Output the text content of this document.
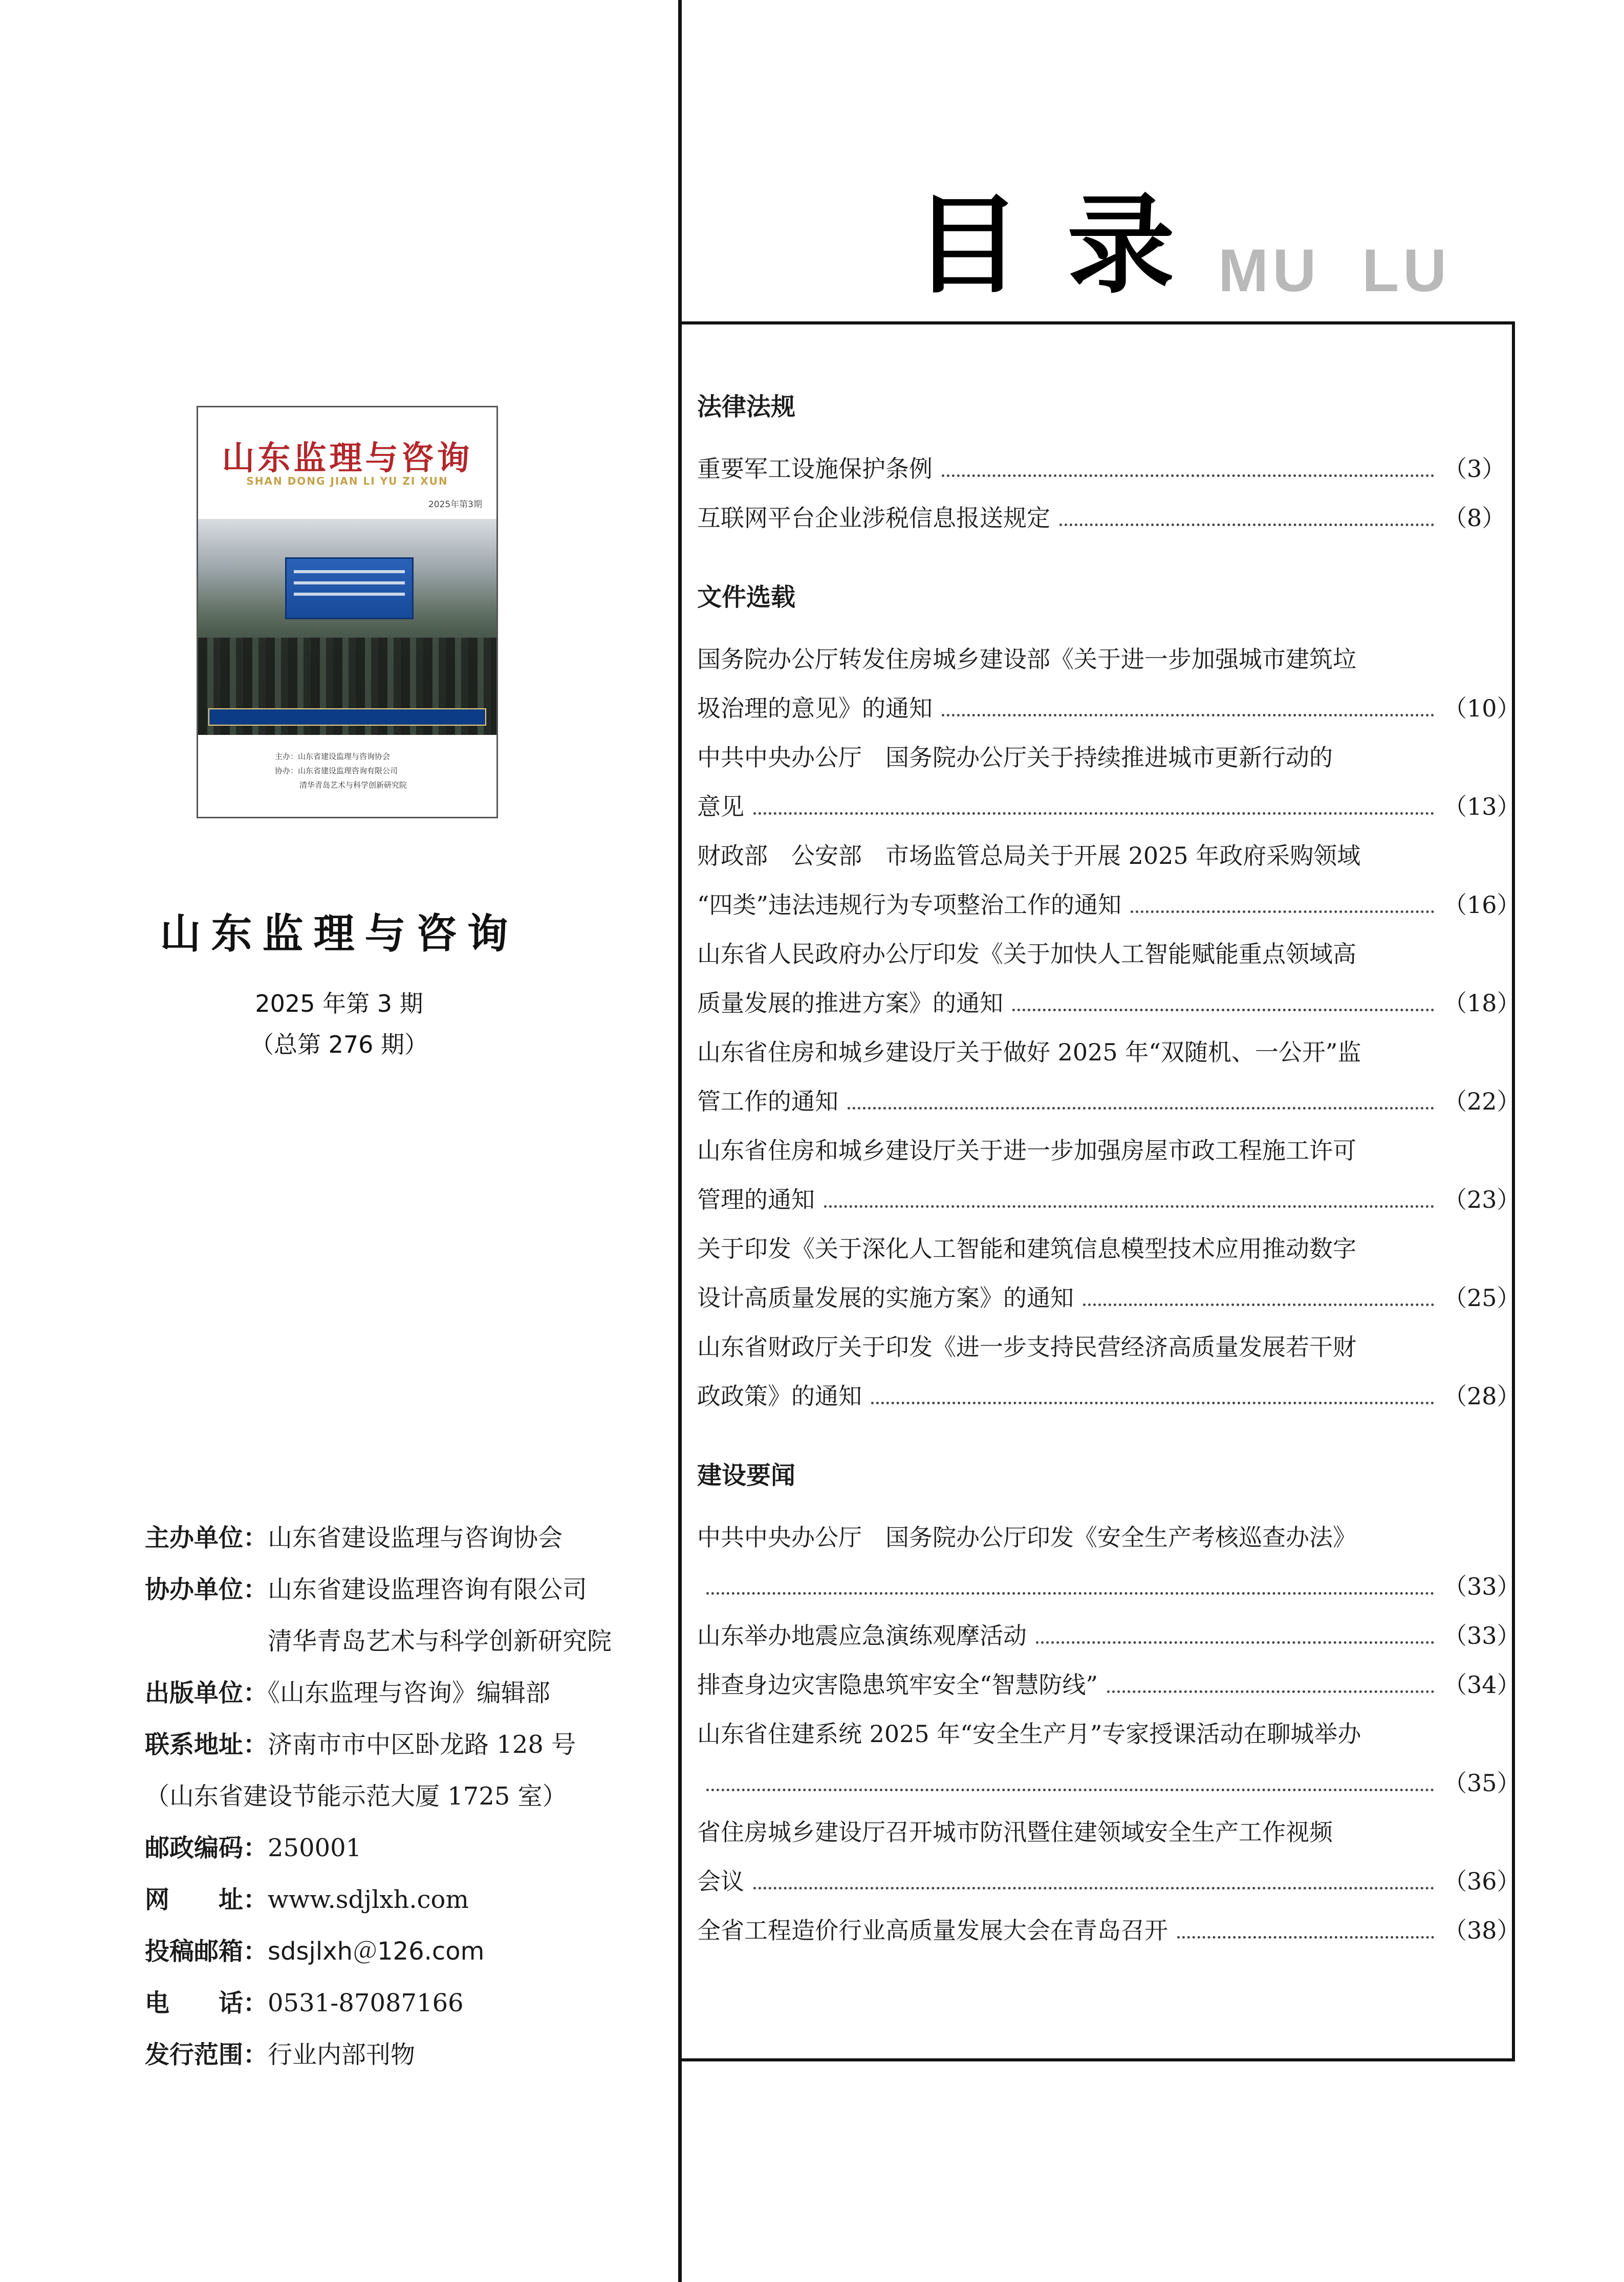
山东监理与咨询
SHAN DONG JIAN LI YU ZI XUN
2025年第3期
主办：山东省建设监理与咨询协会
协办：山东省建设监理咨询有限公司
清华青岛艺术与科学创新研究院
山东监理与咨询
2025 年第 3 期
（总第 276 期）
主办单位：山东省建设监理与咨询协会
协办单位：山东省建设监理咨询有限公司
清华青岛艺术与科学创新研究院
出版单位：《山东监理与咨询》编辑部
联系地址：济南市市中区卧龙路 128 号
（山东省建设节能示范大厦 1725 室）
邮政编码：250001
网　　址：www.sdjlxh.com
投稿邮箱：sdsjlxh＠126.com
电　　话：0531-87087166
发行范围：行业内部刊物
目录
MU  LU
法律法规
重要军工设施保护条例	（3）
互联网平台企业涉税信息报送规定	（8）
文件选载
国务院办公厅转发住房城乡建设部《关于进一步加强城市建筑垃
圾治理的意见》的通知	（10）
中共中央办公厅　国务院办公厅关于持续推进城市更新行动的
意见	（13）
财政部　公安部　市场监管总局关于开展 2025 年政府采购领域
“四类”违法违规行为专项整治工作的通知	（16）
山东省人民政府办公厅印发《关于加快人工智能赋能重点领域高
质量发展的推进方案》的通知	（18）
山东省住房和城乡建设厅关于做好 2025 年“双随机、一公开”监
管工作的通知	（22）
山东省住房和城乡建设厅关于进一步加强房屋市政工程施工许可
管理的通知	（23）
关于印发《关于深化人工智能和建筑信息模型技术应用推动数字
设计高质量发展的实施方案》的通知	（25）
山东省财政厅关于印发《进一步支持民营经济高质量发展若干财
政政策》的通知	（28）
建设要闻
中共中央办公厅　国务院办公厅印发《安全生产考核巡查办法》
（33）
山东举办地震应急演练观摩活动	（33）
排查身边灾害隐患筑牢安全“智慧防线”	（34）
山东省住建系统 2025 年“安全生产月”专家授课活动在聊城举办
（35）
省住房城乡建设厅召开城市防汛暨住建领域安全生产工作视频
会议	（36）
全省工程造价行业高质量发展大会在青岛召开	（38）
